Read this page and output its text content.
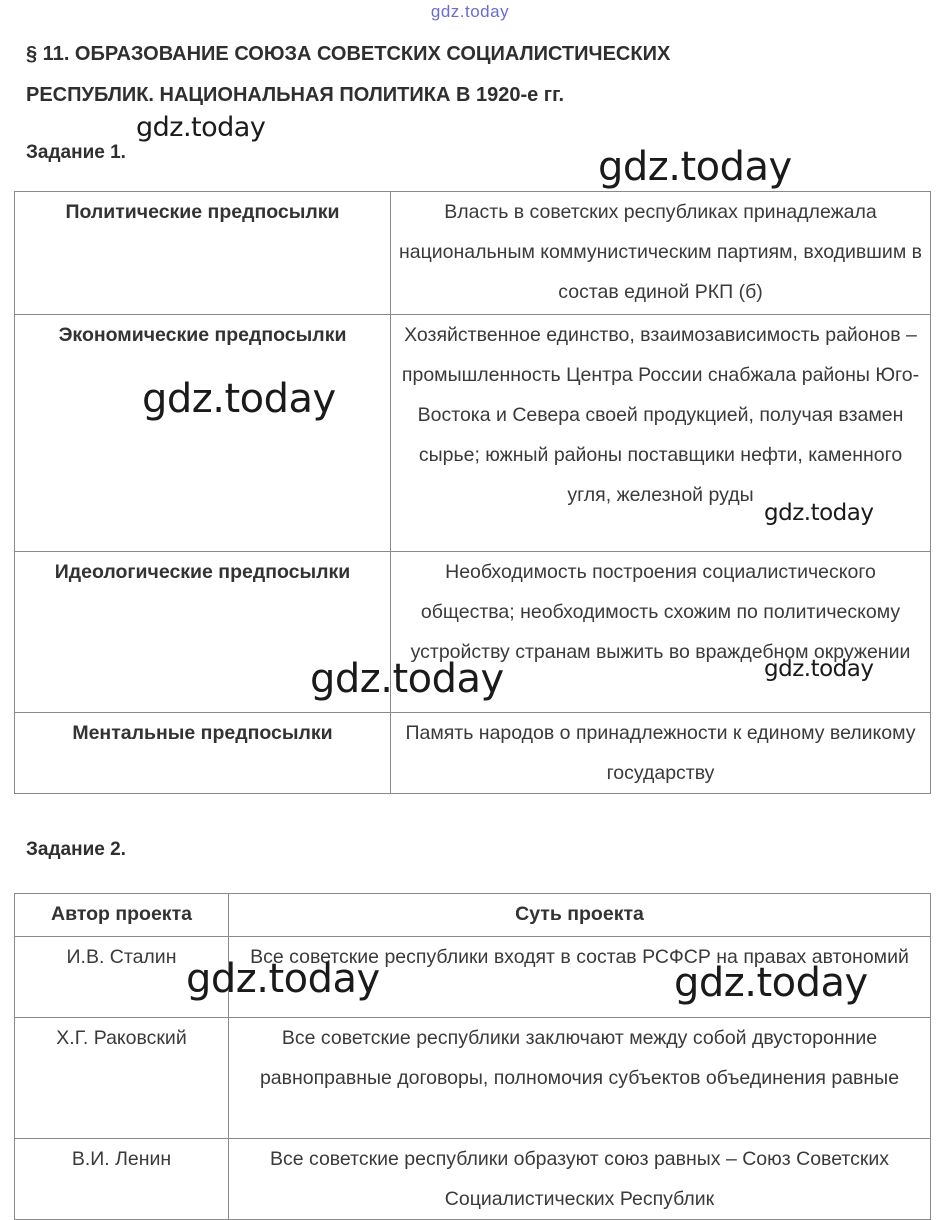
gdz.today
§ 11. ОБРАЗОВАНИЕ СОЮЗА СОВЕТСКИХ СОЦИАЛИСТИЧЕСКИХ
РЕСПУБЛИК. НАЦИОНАЛЬНАЯ ПОЛИТИКА В 1920-е гг.
Задание 1.
Политические предпосылки	Власть в советских республиках принадлежала национальным коммунистическим партиям, входившим в состав единой РКП (б)
Экономические предпосылки	Хозяйственное единство, взаимозависимость районов – промышленность Центра России снабжала районы Юго-Востока и Севера своей продукцией, получая взамен сырье; южный районы поставщики нефти, каменного угля, железной руды
Идеологические предпосылки	Необходимость построения социалистического общества; необходимость схожим по политическому устройству странам выжить во враждебном окружении
Ментальные предпосылки	Память народов о принадлежности к единому великому государству
Задание 2.
Автор проекта	Суть проекта
И.В. Сталин	Все советские республики входят в состав РСФСР на правах автономий
Х.Г. Раковский	Все советские республики заключают между собой двусторонние равноправные договоры, полномочия субъектов объединения равные
В.И. Ленин	Все советские республики образуют союз равных – Союз Советских Социалистических Республик
gdz.today
gdz.today
gdz.today
gdz.today
gdz.today	gdz.today
gdz.today	gdz.today
